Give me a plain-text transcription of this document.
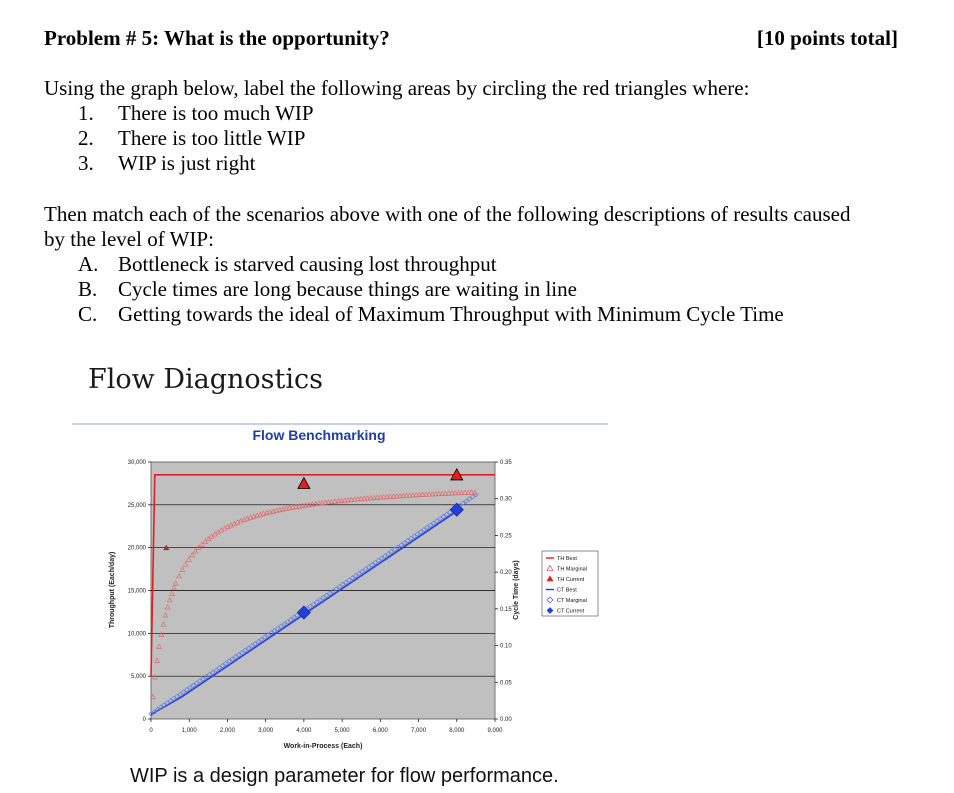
Problem # 5: What is the opportunity?	[10 points total]
Using the graph below, label the following areas by circling the red triangles where:
1.	There is too much WIP
2.	There is too little WIP
3.	WIP is just right
Then match each of the scenarios above with one of the following descriptions of results caused
by the level of WIP:
A. Bottleneck is starved causing lost throughput
B. Cycle times are long because things are waiting in line
C. Getting towards the ideal of Maximum Throughput with Minimum Cycle Time
Flow Diagnostics
Flow Benchmarking
0
5,000
10,000
15,000
20,000
25,000
30,000
0.00
0.05
0.10
0.15
0.20
0.25
0.30
0.35
0	1,000	2,000	3,000	4,000	5,000	6,000	7,000	8,000	9,000
Work-in-Process (Each)
Throughput (Each/day)	Cycle Time (days)
TH Best
TH Marginal
TH Current
CT Best
CT Marginal
CT Current
WIP is a design parameter for flow performance.
